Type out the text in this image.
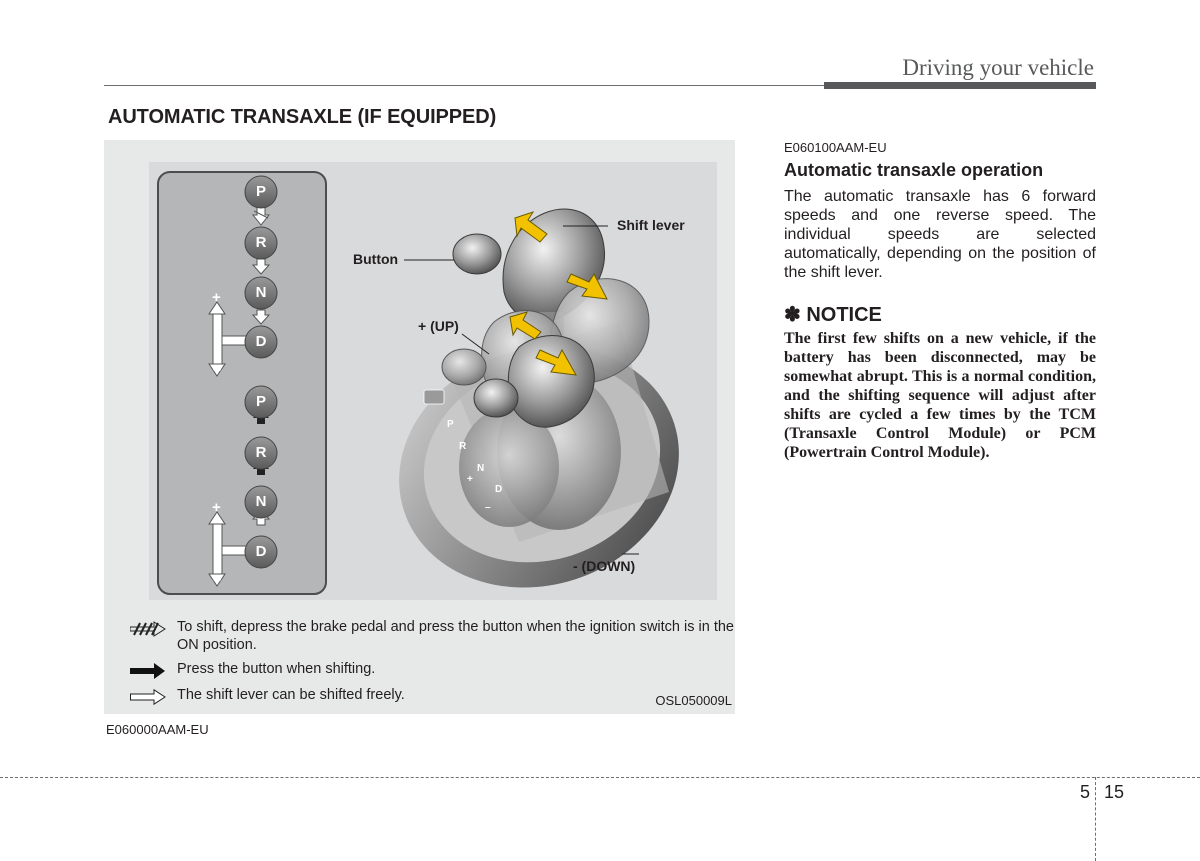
Driving your vehicle
AUTOMATIC TRANSAXLE (IF EQUIPPED)
P
R
N
D
+
–
Shift lever
Button
+ (UP)
- (DOWN)
P
R
N
D
P
R
N
D
+
–
+
–
To shift, depress the brake pedal and press the button when the ignition switch is in the ON position.
Press the button when shifting.
The shift lever can be shifted freely.	OSL050009L
E060000AAM-EU
E060100AAM-EU
Automatic transaxle operation
The automatic transaxle has 6 forward speeds and one reverse speed. The individual speeds are selected automatically, depending on the position of the shift lever.
✽ NOTICE
The first few shifts on a new vehicle, if the battery has been disconnected, may be somewhat abrupt. This is a normal condition, and the shifting sequence will adjust after shifts are cycled a few times by the TCM (Transaxle Control Module) or PCM (Powertrain Control Module).
5 15
